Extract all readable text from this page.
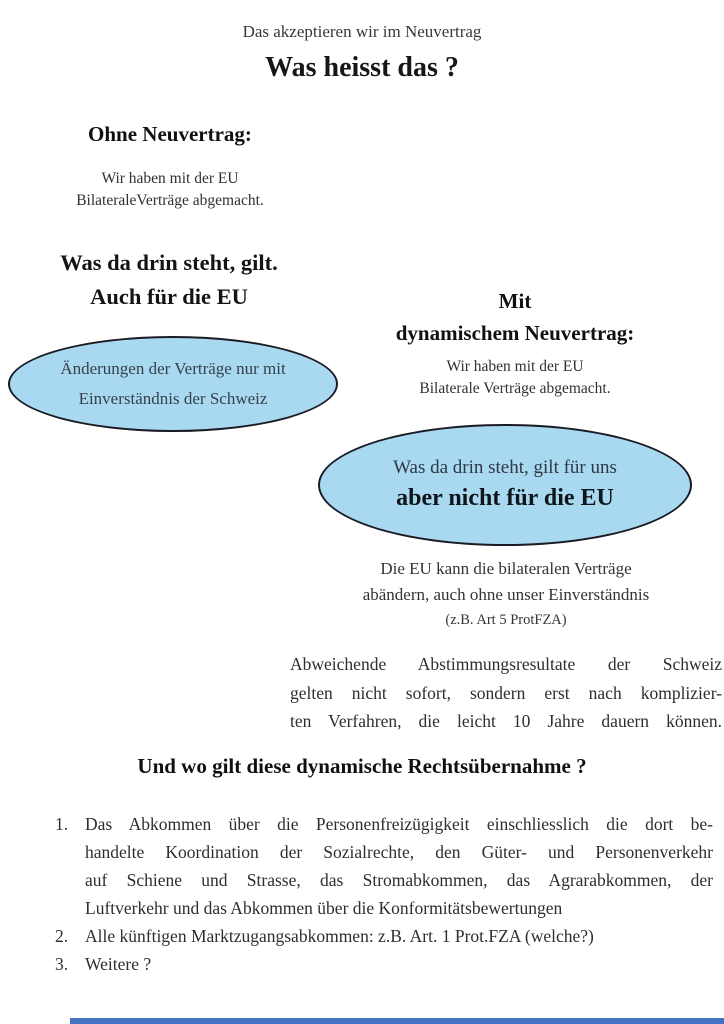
Das akzeptieren wir im Neuvertrag
Was heisst das ?
Ohne Neuvertrag:
Wir haben mit der EU
BilateraleVerträge abgemacht.
Was da drin steht, gilt.
Auch für die EU
Änderungen der Verträge nur mit
Einverständnis der Schweiz
Mit
dynamischem Neuvertrag:
Wir haben mit der EU
Bilaterale Verträge abgemacht.
Was da drin steht, gilt für uns
aber nicht für die EU
Die EU kann die bilateralen Verträge
abändern, auch ohne unser Einverständnis
(z.B. Art 5 ProtFZA)
Abweichende Abstimmungsresultate der Schweiz
gelten nicht sofort, sondern erst nach komplizier-
ten Verfahren, die leicht 10 Jahre dauern können.
Und wo gilt diese dynamische Rechtsübernahme ?
1. Das Abkommen über die Personenfreizügigkeit einschliesslich die dort be-
handelte Koordination der Sozialrechte, den Güter- und Personenverkehr
auf Schiene und Strasse, das Stromabkommen, das Agrarabkommen, der
Luftverkehr und das Abkommen über die Konformitätsbewertungen
2. Alle künftigen Marktzugangsabkommen: z.B. Art. 1 Prot.FZA (welche?)
3. Weitere ?
